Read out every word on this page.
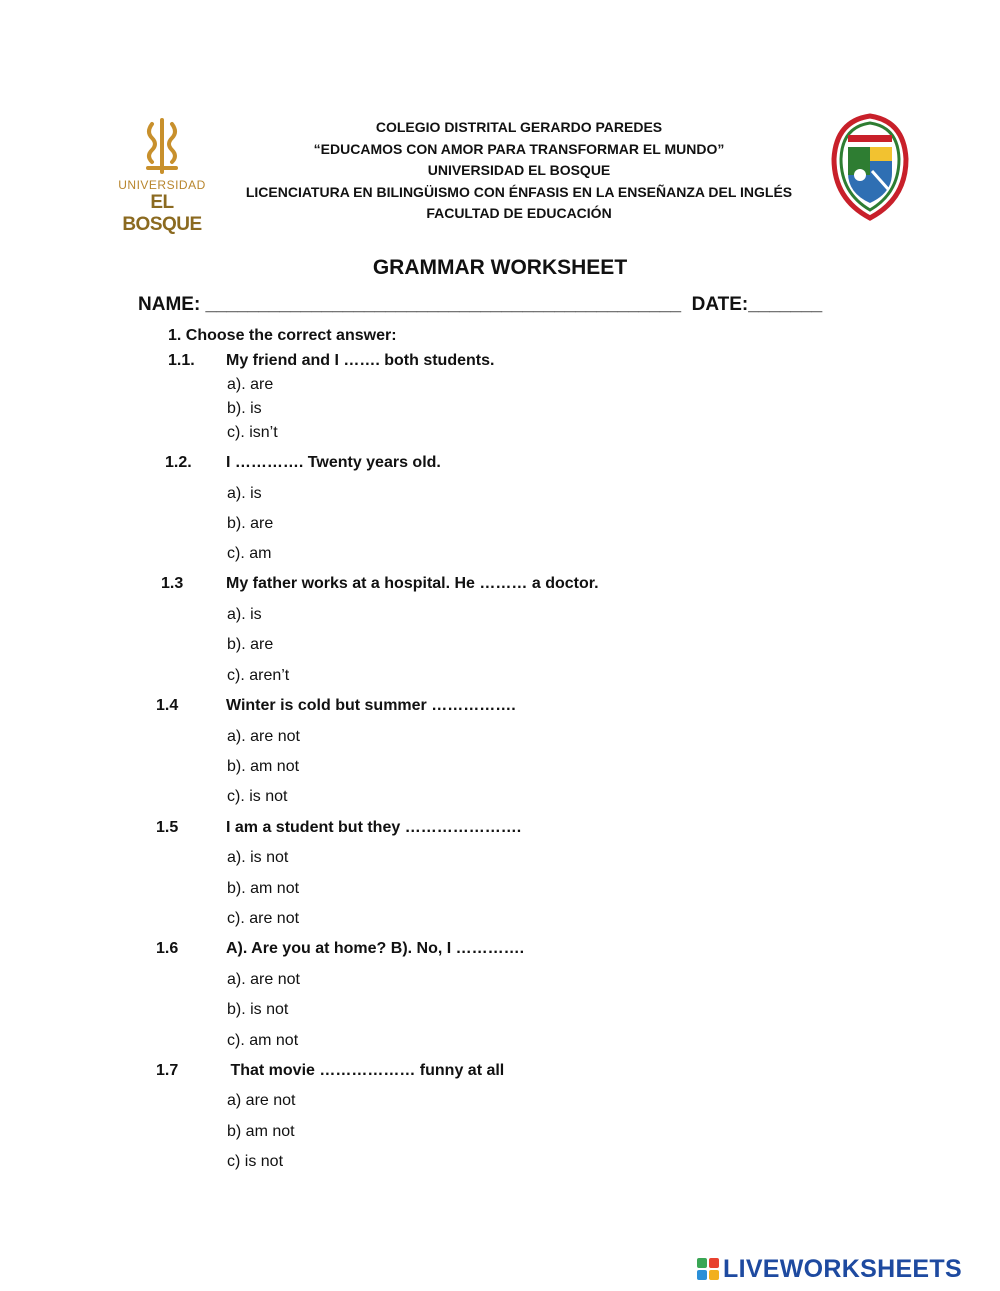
UNIVERSIDAD
EL BOSQUE
COLEGIO DISTRITAL GERARDO PAREDES
“EDUCAMOS CON AMOR PARA TRANSFORMAR EL MUNDO”
UNIVERSIDAD EL BOSQUE
LICENCIATURA EN BILINGÜISMO CON ÉNFASIS EN LA ENSEÑANZA DEL INGLÉS
FACULTAD DE EDUCACIÓN
GRAMMAR WORKSHEET
NAME: _____________________________________________  DATE:_______
1. Choose the correct answer:
1.1. My friend and I ……. both students.
a). are
b). is
c). isn’t
1.2. I …………. Twenty years old.
a). is
b). are
c). am
1.3	My father works at a hospital. He ……… a doctor.
a). is
b). are
c). aren’t
1.4	Winter is cold but summer …………….
a). are not
b). am not
c). is not
1.5	I am a student but they ………………….
a). is not
b). am not
c). are not
1.6	A). Are you at home? B). No, I ………….
a). are not
b). is not
c). am not
1.7	That movie ……………… funny at all
a) are not
b) am not
c) is not
LIVEWORKSHEETS
